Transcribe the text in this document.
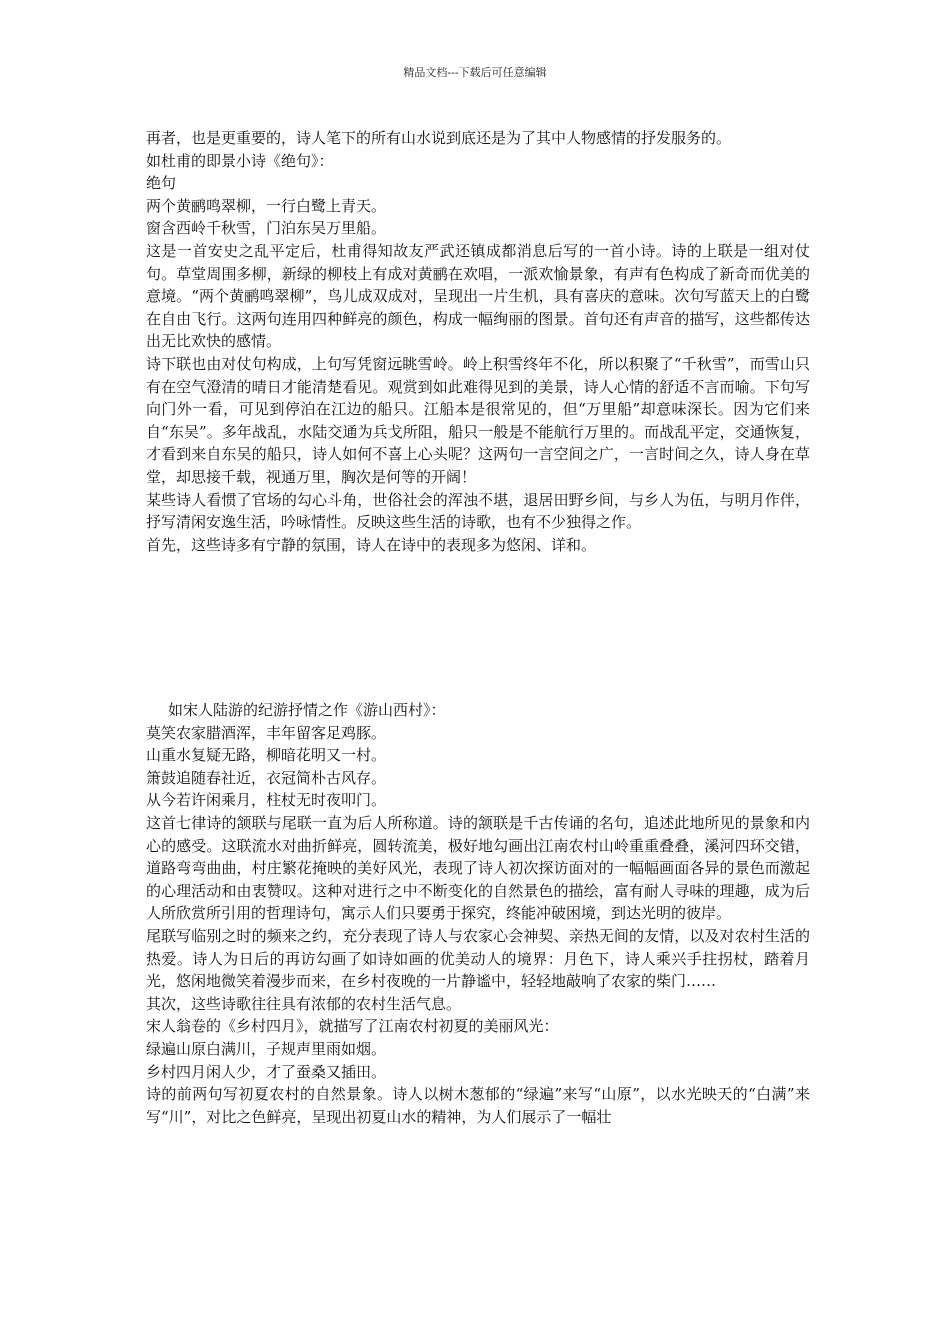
精品文档---下载后可任意编辑

再者，也是更重要的，诗人笔下的所有山水说到底还是为了其中人物感情的抒发服务的。

如杜甫的即景小诗《绝句》：

绝句

两个黄鹂鸣翠柳，一行白鹭上青天。

窗含西岭千秋雪，门泊东吴万里船。

这是一首安史之乱平定后，杜甫得知故友严武还镇成都消息后写的一首小诗。诗的上联是一组对仗句。草堂周围多柳，新绿的柳枝上有成对黄鹂在欢唱，一派欢愉景象，有声有色构成了新奇而优美的意境。“两个黄鹂鸣翠柳”，鸟儿成双成对，呈现出一片生机，具有喜庆的意味。次句写蓝天上的白鹭在自由飞行。这两句连用四种鲜亮的颜色，构成一幅绚丽的图景。首句还有声音的描写，这些都传达出无比欢快的感情。

诗下联也由对仗句构成，上句写凭窗远眺雪岭。岭上积雪终年不化，所以积聚了“千秋雪”，而雪山只有在空气澄清的晴日才能清楚看见。观赏到如此难得见到的美景，诗人心情的舒适不言而喻。下句写向门外一看，可见到停泊在江边的船只。江船本是很常见的，但“万里船”却意味深长。因为它们来自“东吴”。多年战乱，水陆交通为兵戈所阻，船只一般是不能航行万里的。而战乱平定，交通恢复，才看到来自东吴的船只，诗人如何不喜上心头呢？这两句一言空间之广，一言时间之久，诗人身在草堂，却思接千载，视通万里，胸次是何等的开阔！

某些诗人看惯了官场的勾心斗角，世俗社会的浑浊不堪，退居田野乡间，与乡人为伍，与明月作伴，抒写清闲安逸生活，吟咏情性。反映这些生活的诗歌，也有不少独得之作。

首先，这些诗多有宁静的氛围，诗人在诗中的表现多为悠闲、详和。

如宋人陆游的纪游抒情之作《游山西村》：

莫笑农家腊酒浑，丰年留客足鸡豚。

山重水复疑无路，柳暗花明又一村。

箫鼓追随春社近，衣冠简朴古风存。

从今若许闲乘月，柱杖无时夜叩门。

这首七律诗的颔联与尾联一直为后人所称道。诗的颔联是千古传诵的名句，追述此地所见的景象和内心的感受。这联流水对曲折鲜亮，圆转流美，极好地勾画出江南农村山岭重重叠叠，溪河四环交错，道路弯弯曲曲，村庄繁花掩映的美好风光，表现了诗人初次探访面对的一幅幅画面各异的景色而激起的心理活动和由衷赞叹。这种对进行之中不断变化的自然景色的描绘，富有耐人寻味的理趣，成为后人所欣赏所引用的哲理诗句，寓示人们只要勇于探究，终能冲破困境，到达光明的彼岸。

尾联写临别之时的频来之约，充分表现了诗人与农家心会神契、亲热无间的友情，以及对农村生活的热爱。诗人为日后的再访勾画了如诗如画的优美动人的境界：月色下，诗人乘兴手拄拐杖，踏着月光，悠闲地微笑着漫步而来，在乡村夜晚的一片静谧中，轻轻地敲响了农家的柴门……

其次，这些诗歌往往具有浓郁的农村生活气息。

宋人翁卷的《乡村四月》，就描写了江南农村初夏的美丽风光：

绿遍山原白满川，子规声里雨如烟。

乡村四月闲人少，才了蚕桑又插田。

诗的前两句写初夏农村的自然景象。诗人以树木葱郁的“绿遍”来写“山原”，以水光映天的“白满”来写“川”，对比之色鲜亮，呈现出初夏山水的精神，为人们展示了一幅壮
